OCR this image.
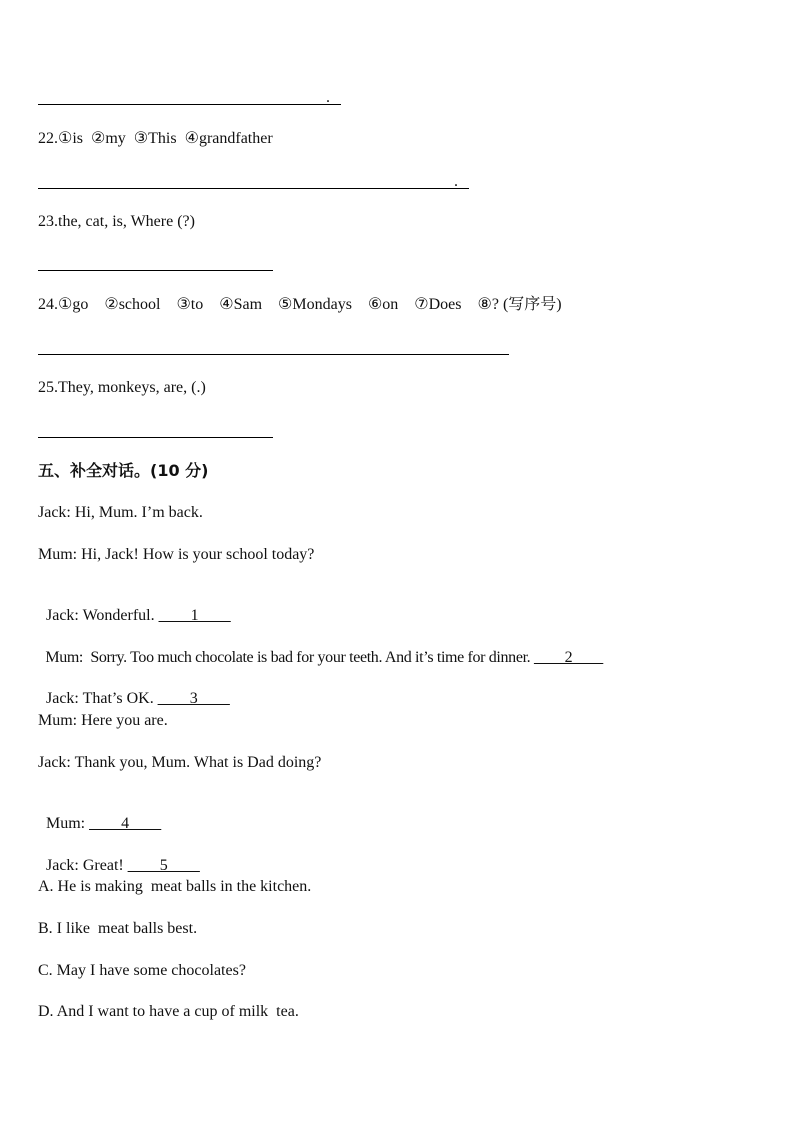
.
22.①is  ②my  ③This  ④grandfather
.
23.the, cat, is, Where (?)
24.①go    ②school    ③to    ④Sam    ⑤Mondays    ⑥on    ⑦Does    ⑧? (写序号)
25.They, monkeys, are, (.)
五、补全对话。(10 分)
Jack: Hi, Mum. I’m back.
Mum: Hi, Jack! How is your school today?

Jack: Wonderful. ____1____

Mum:  Sorry. Too much chocolate is bad for your teeth. And it’s time for dinner. ____2____

Jack: That’s OK. ____3____

Mum: Here you are.
Jack: Thank you, Mum. What is Dad doing?

Mum: ____4____

Jack: Great! ____5____

A. He is making  meat balls in the kitchen.
B. I like  meat balls best.
C. May I have some chocolates?
D. And I want to have a cup of milk  tea.
